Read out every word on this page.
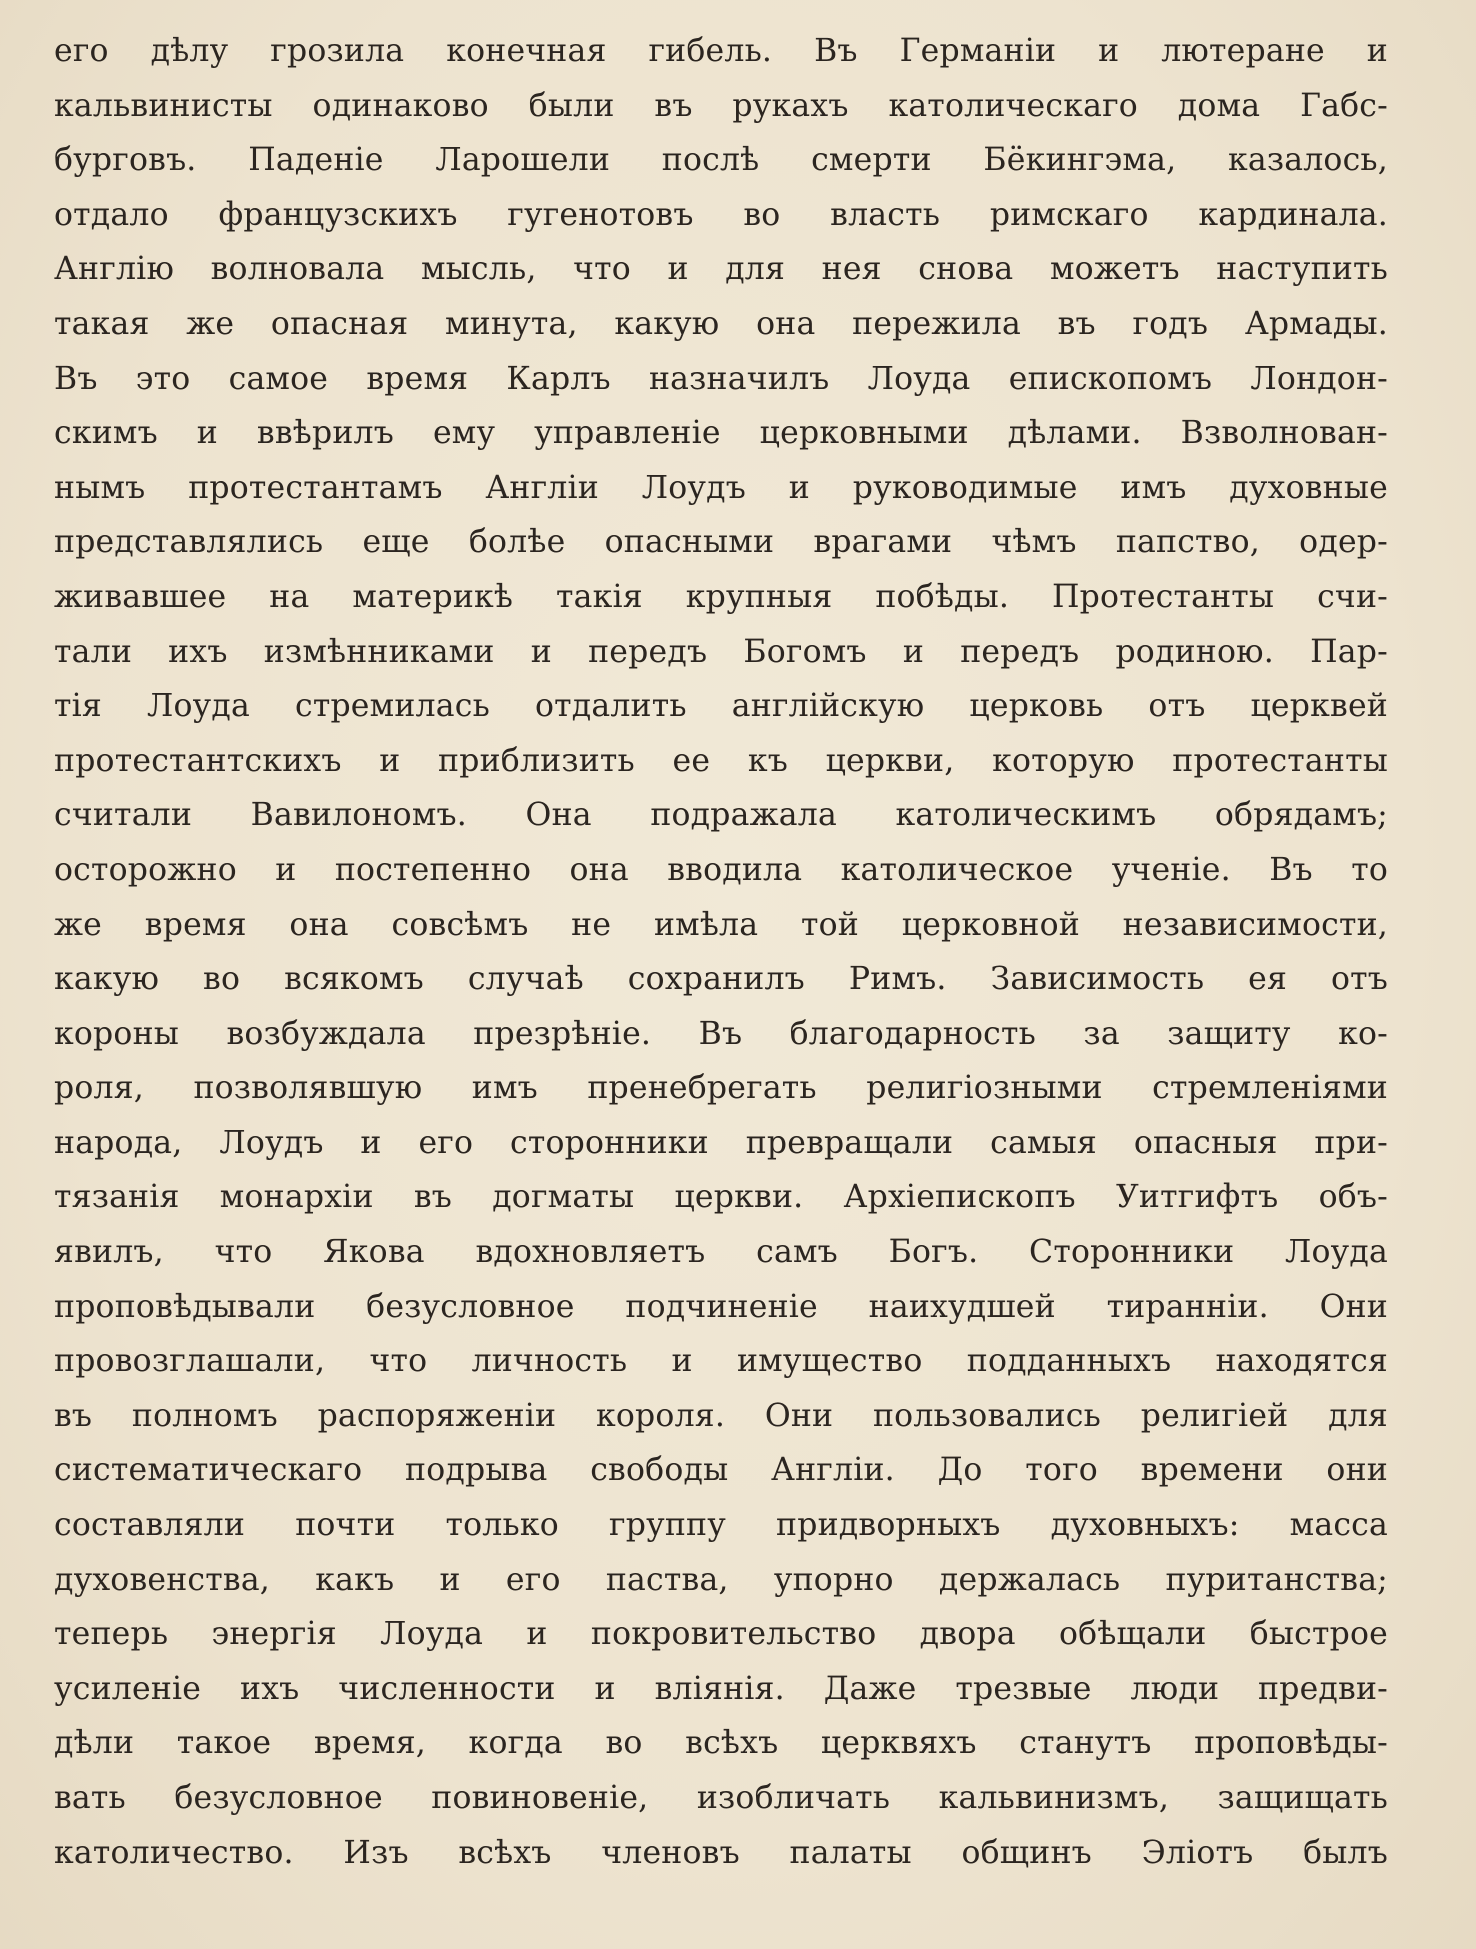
его дѣлу грозила конечная гибель. Въ Германіи и лютеране и
кальвинисты одинаково были въ рукахъ католическаго дома Габс-
бурговъ. Паденіе Ларошели послѣ смерти Бёкингэма, казалось,
отдало французскихъ гугенотовъ во власть римскаго кардинала.
Англію волновала мысль, что и для нея снова можетъ наступить
такая же опасная минута, какую она пережила въ годъ Армады.
Въ это самое время Карлъ назначилъ Лоуда епископомъ Лондон-
скимъ и ввѣрилъ ему управленіе церковными дѣлами. Взволнован-
нымъ протестантамъ Англіи Лоудъ и руководимые имъ духовные
представлялись еще болѣе опасными врагами чѣмъ папство, одер-
живавшее на материкѣ такія крупныя побѣды. Протестанты счи-
тали ихъ измѣнниками и передъ Богомъ и передъ родиною. Пар-
тія Лоуда стремилась отдалить англійскую церковь отъ церквей
протестантскихъ и приблизить ее къ церкви, которую протестанты
считали Вавилономъ. Она подражала католическимъ обрядамъ;
осторожно и постепенно она вводила католическое ученіе. Въ то
же время она совсѣмъ не имѣла той церковной независимости,
какую во всякомъ случаѣ сохранилъ Римъ. Зависимость ея отъ
короны возбуждала презрѣніе. Въ благодарность за защиту ко-
роля, позволявшую имъ пренебрегать религіозными стремленіями
народа, Лоудъ и его сторонники превращали самыя опасныя при-
тязанія монархіи въ догматы церкви. Архіепископъ Уитгифтъ объ-
явилъ, что Якова вдохновляетъ самъ Богъ. Сторонники Лоуда
проповѣдывали безусловное подчиненіе наихудшей тиранніи. Они
провозглашали, что личность и имущество подданныхъ находятся
въ полномъ распоряженіи короля. Они пользовались религіей для
систематическаго подрыва свободы Англіи. До того времени они
составляли почти только группу придворныхъ духовныхъ: масса
духовенства, какъ и его паства, упорно держалась пуританства;
теперь энергія Лоуда и покровительство двора обѣщали быстрое
усиленіе ихъ численности и вліянія. Даже трезвые люди предви-
дѣли такое время, когда во всѣхъ церквяхъ станутъ проповѣды-
вать безусловное повиновеніе, изобличать кальвинизмъ, защищать
католичество. Изъ всѣхъ членовъ палаты общинъ Элiотъ былъ
